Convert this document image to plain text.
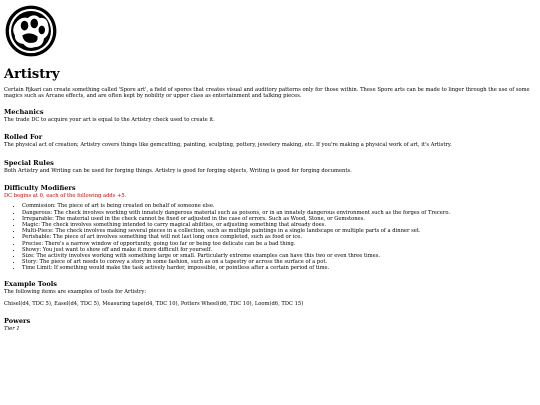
Artistry

Certain Rjkari can create something called 'Spore art', a field of spores that creates visual and auditory patterns only for those within. These Spore arts can be made to linger through the use of some magics such as Arcane effects, and are often kept by nobility or upper class as entertainment and talking pieces.

Mechanics

The trade DC to acquire your art is equal to the Artistry check used to create it.

Rolled For

The physical act of creation; Artistry covers things like gemcutting, painting, sculpting, pottery, jewelery making, etc. If you're making a physical work of art, it's Artistry.

Special Rules

Both Artistry and Writing can be used for forging things. Artistry is good for forging objects, Writing is good for forging documents.

Difficulty Modifiers

DC begins at 0, each of the following adds +5.

• Commission: The piece of art is being created on behalf of someone else.
• Dangerous: The check involves working with innately dangerous material such as poisons, or in an innately dangerous environment such as the forges of Trecero.
• Irreparable: The material used in the check cannot be fixed or adjusted in the case of errors. Such as Wood, Stone, or Gemstones.
• Magic: The check involves something intended to carry magical abilities, or adjusting something that already does.
• Multi-Piece: The check involves making several pieces in a collection, such as multiple paintings in a single landscape or multiple parts of a dinner set.
• Perishable: The piece of art involves something that will not last long once completed, such as food or ice.
• Precise: There's a narrow window of opportunity, going too far or being too delicate can be a bad thing.
• Showy: You just want to show off and make it more difficult for yourself.
• Size: The activity involves working with something large or small. Particularly extreme examples can have this two or even three times.
• Story: The piece of art needs to convey a story in some fashion, such as on a tapestry or across the surface of a pot.
• Time Limit: If something would make the task actively harder, impossible, or pointless after a certain period of time.
Example Tools

The following items are examples of tools for Artistry:

Chisel(d4, TDC 5), Easel(d4, TDC 5), Measuring tape(d4, TDC 10), Potters Wheel(d6, TDC 10), Loom(d6, TDC 15)

Powers

Tier 1
